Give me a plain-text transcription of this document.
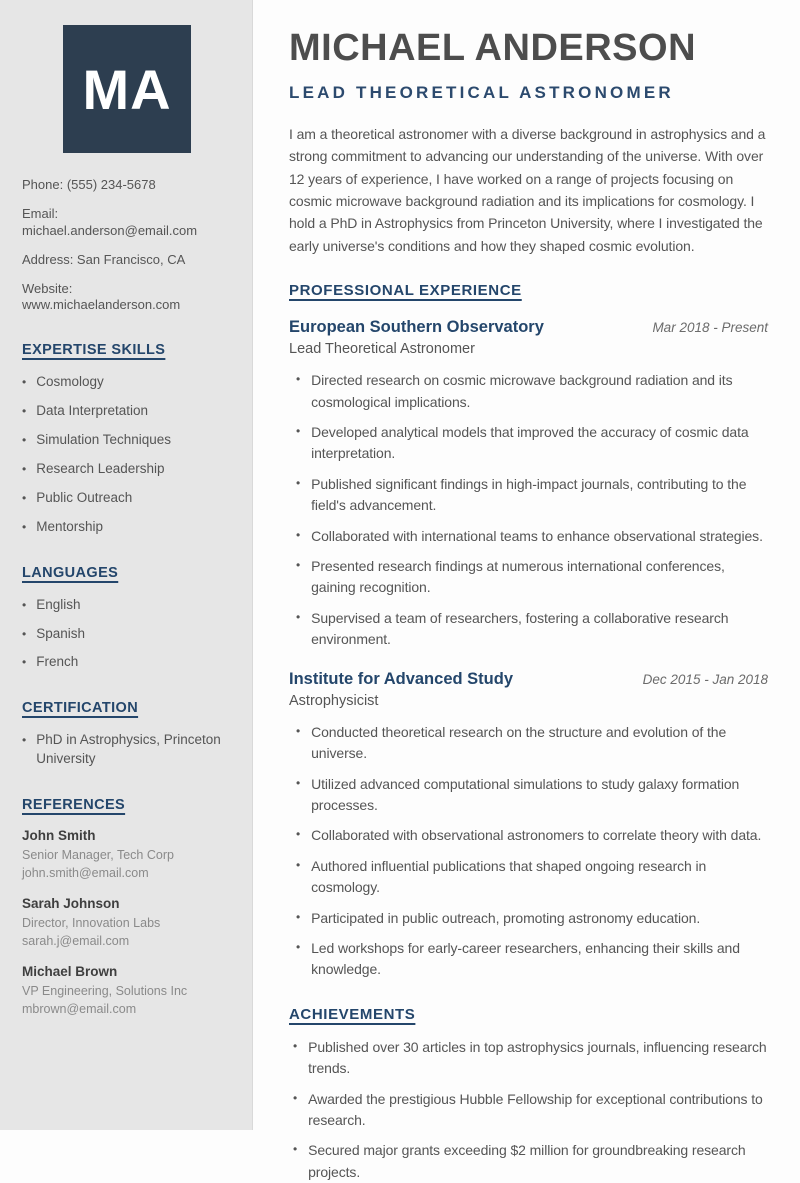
MA
Phone: (555) 234-5678
Email: michael.anderson@email.com
Address: San Francisco, CA
Website: www.michaelanderson.com
EXPERTISE SKILLS
• Cosmology
• Data Interpretation
• Simulation Techniques
• Research Leadership
• Public Outreach
• Mentorship
LANGUAGES
• English
• Spanish
• French
CERTIFICATION
• PhD in Astrophysics, Princeton University
REFERENCES
John Smith
Senior Manager, Tech Corp
john.smith@email.com
Sarah Johnson
Director, Innovation Labs
sarah.j@email.com
Michael Brown
VP Engineering, Solutions Inc
mbrown@email.com
MICHAEL ANDERSON
LEAD THEORETICAL ASTRONOMER

I am a theoretical astronomer with a diverse background in astrophysics and a strong commitment to advancing our understanding of the universe. With over 12 years of experience, I have worked on a range of projects focusing on cosmic microwave background radiation and its implications for cosmology. I hold a PhD in Astrophysics from Princeton University, where I investigated the early universe's conditions and how they shaped cosmic evolution.

PROFESSIONAL EXPERIENCE
European Southern Observatory	Mar 2018 - Present
Lead Theoretical Astronomer
• Directed research on cosmic microwave background radiation and its cosmological implications.
• Developed analytical models that improved the accuracy of cosmic data interpretation.
• Published significant findings in high-impact journals, contributing to the field's advancement.
• Collaborated with international teams to enhance observational strategies.
• Presented research findings at numerous international conferences, gaining recognition.
• Supervised a team of researchers, fostering a collaborative research environment.
Institute for Advanced Study	Dec 2015 - Jan 2018
Astrophysicist
• Conducted theoretical research on the structure and evolution of the universe.
• Utilized advanced computational simulations to study galaxy formation processes.
• Collaborated with observational astronomers to correlate theory with data.
• Authored influential publications that shaped ongoing research in cosmology.
• Participated in public outreach, promoting astronomy education.
• Led workshops for early-career researchers, enhancing their skills and knowledge.
ACHIEVEMENTS
• Published over 30 articles in top astrophysics journals, influencing research trends.
• Awarded the prestigious Hubble Fellowship for exceptional contributions to research.
• Secured major grants exceeding $2 million for groundbreaking research projects.
